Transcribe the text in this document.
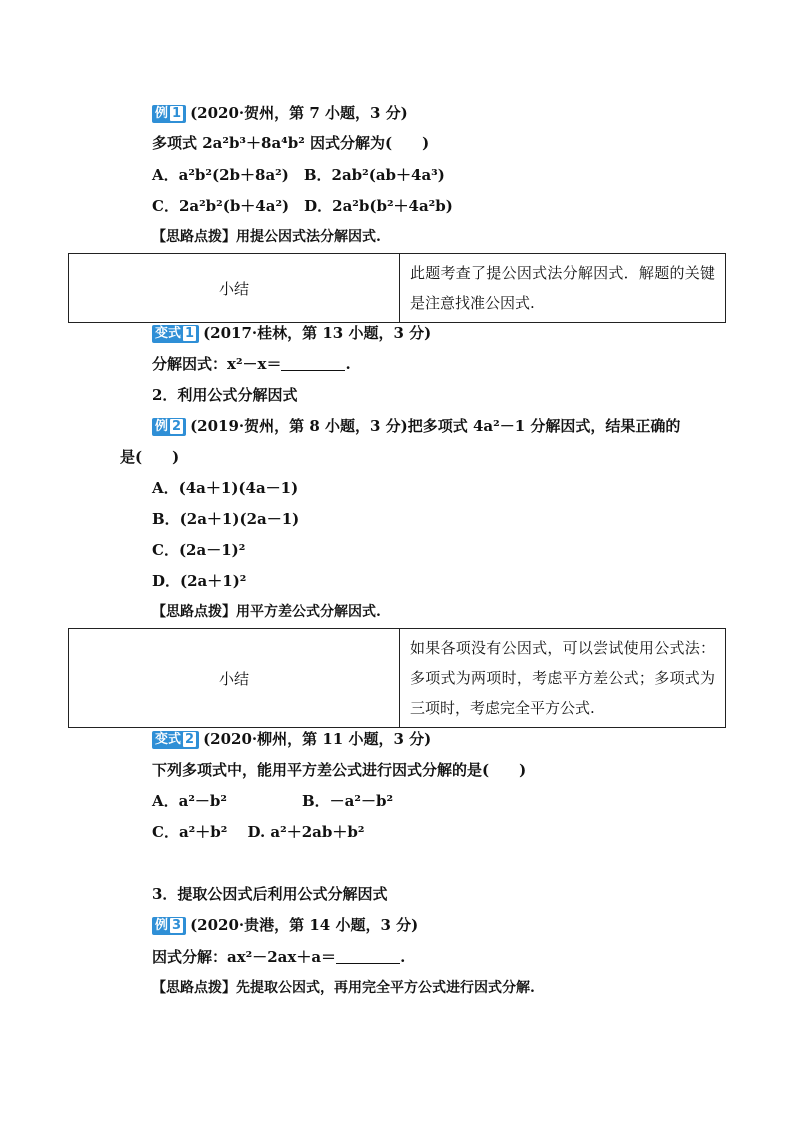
例 1 (2020·贺州，第 7 小题，3 分)
多项式 2a²b³＋8a⁴b² 因式分解为(　　)
A．a²b²(2b＋8a²)　B．2ab²(ab＋4a³)
C．2a²b²(b＋4a²)　D．2a²b(b²＋4a²b)
【思路点拨】用提公因式法分解因式.
小结	此题考查了提公因式法分解因式．解题的关键是注意找准公因式.
变式 1 (2017·桂林，第 13 小题，3 分)
分解因式：x²－x＝	.
2．利用公式分解因式
例 2 (2019·贺州，第 8 小题，3 分)把多项式 4a²－1 分解因式，结果正确的
是(　　)
A．(4a＋1)(4a－1)
B．(2a＋1)(2a－1)
C．(2a－1)²
D．(2a＋1)²
【思路点拨】用平方差公式分解因式.
小结	如果各项没有公因式，可以尝试使用公式法：多项式为两项时，考虑平方差公式；多项式为三项时，考虑完全平方公式.
变式 2 (2020·柳州，第 11 小题，3 分)
下列多项式中，能用平方差公式进行因式分解的是(　　)
A．a²－b²　　　　　B．－a²－b²
C．a²＋b²　 D. a²＋2ab＋b²
3．提取公因式后利用公式分解因式
例 3 (2020·贵港，第 14 小题，3 分)
因式分解：ax²－2ax＋a＝	.
【思路点拨】先提取公因式，再用完全平方公式进行因式分解.
